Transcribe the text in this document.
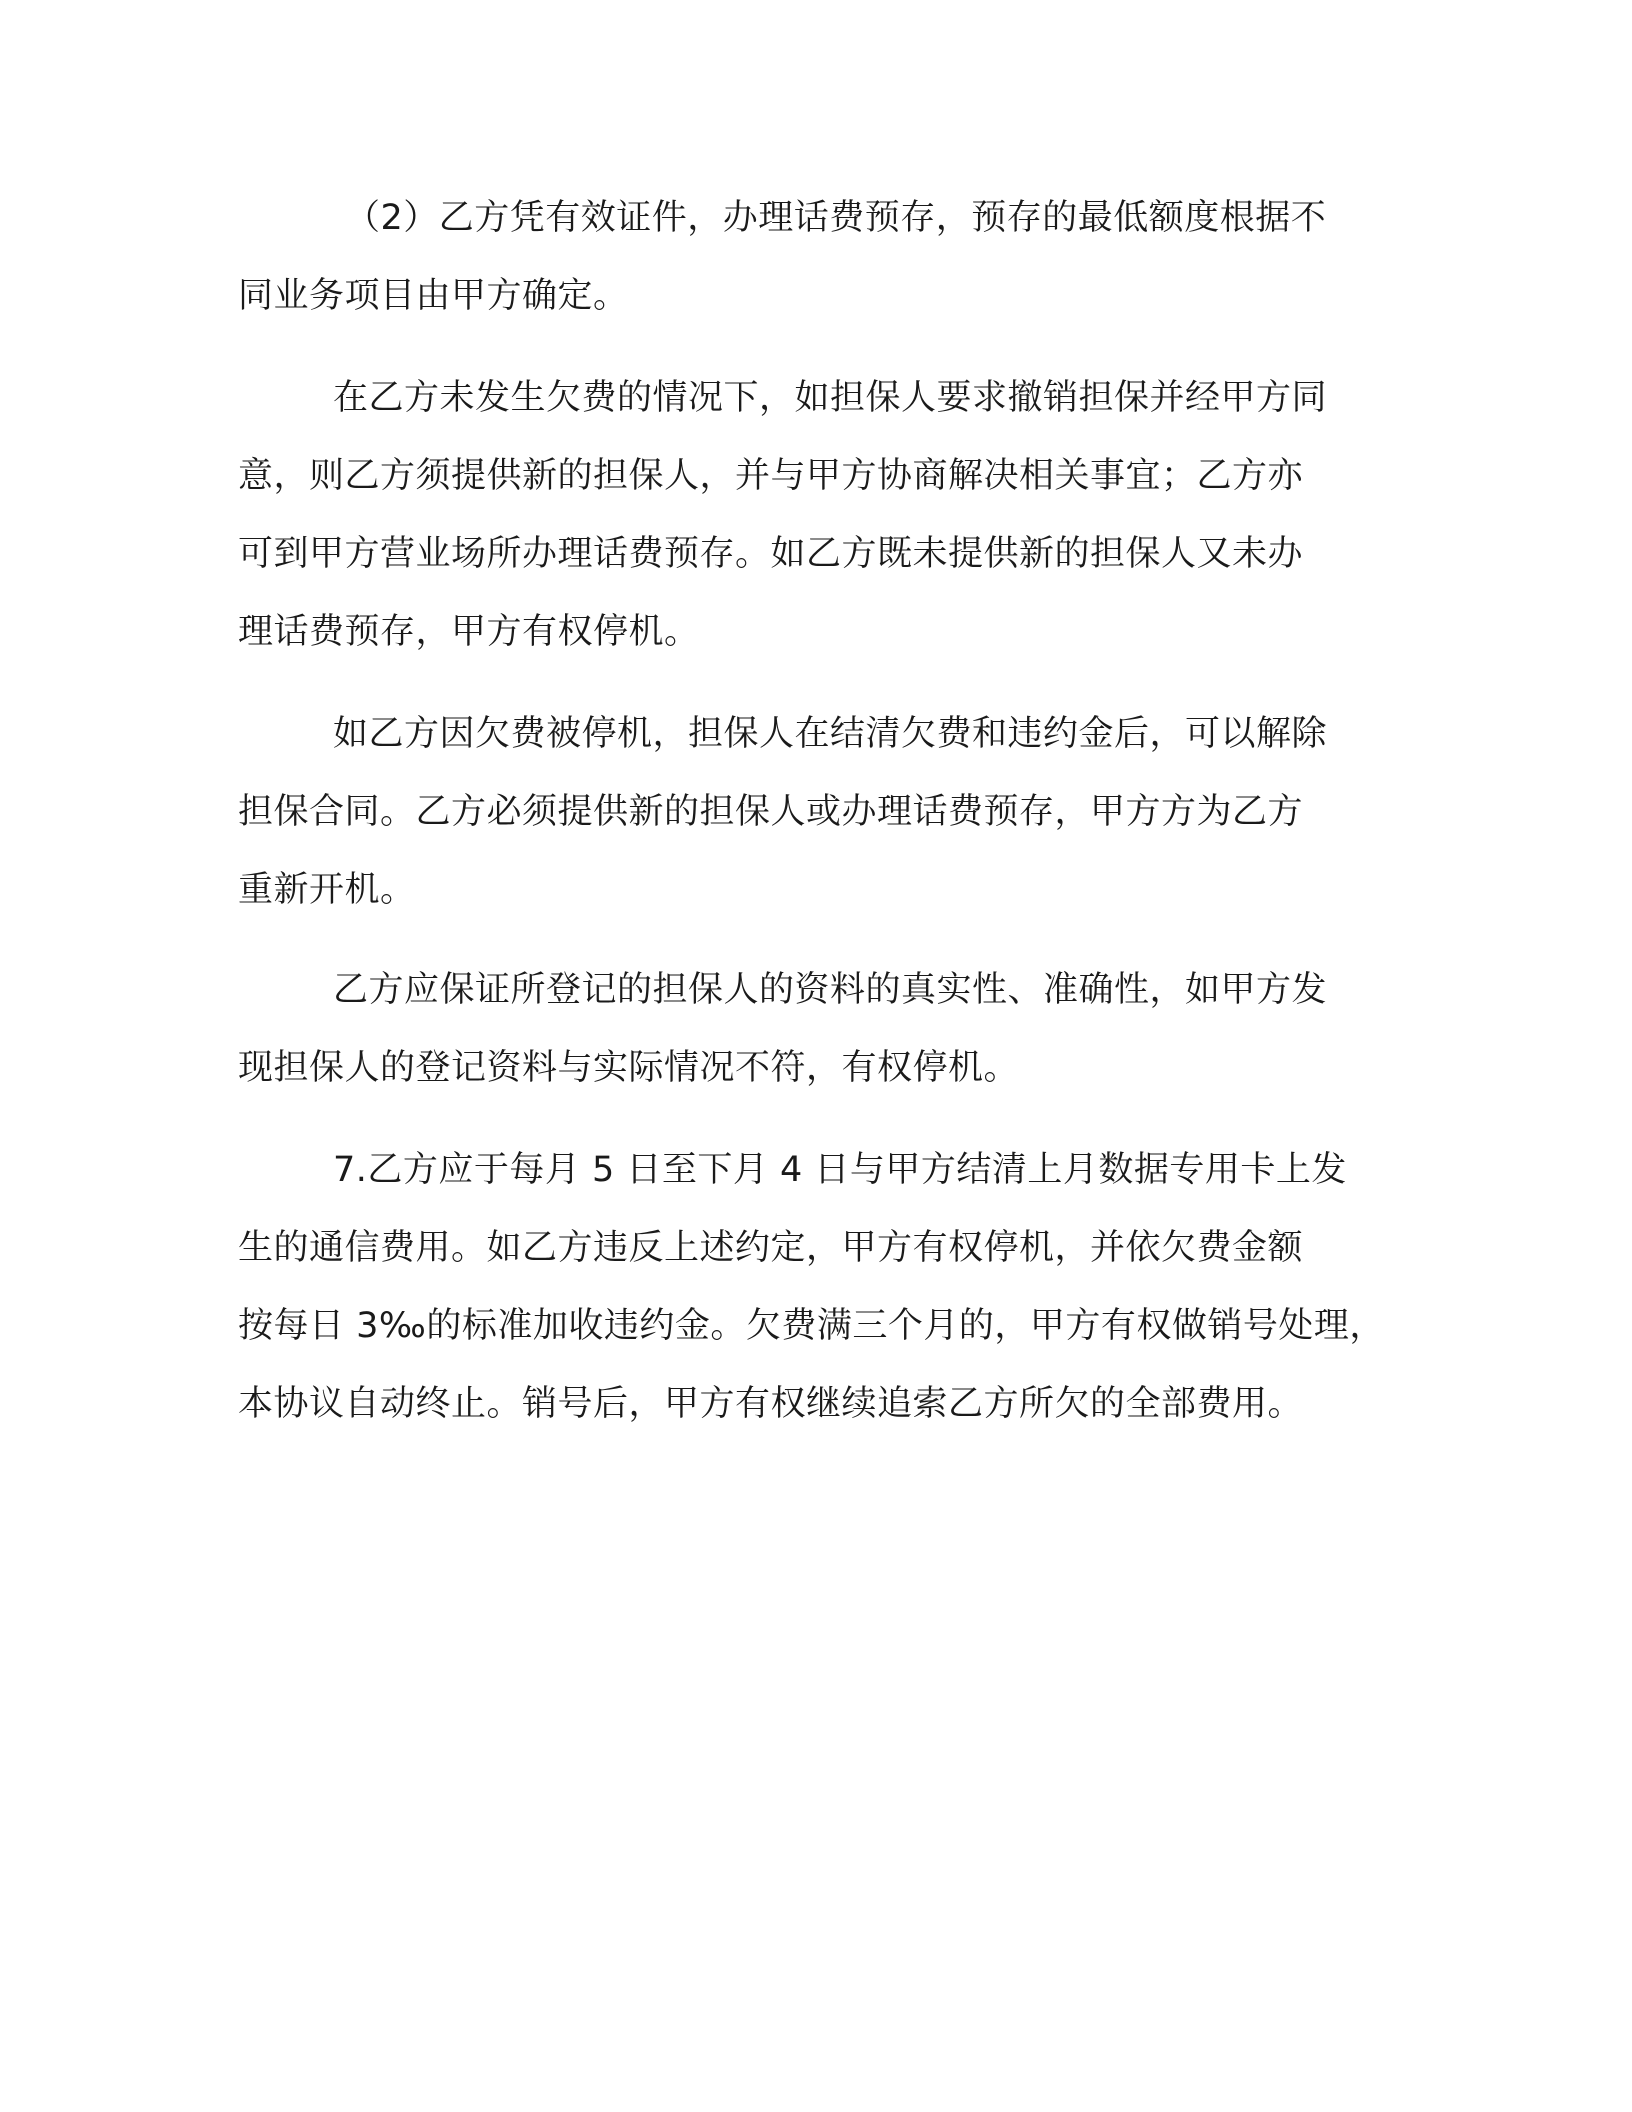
（2）乙方凭有效证件，办理话费预存，预存的最低额度根据不

同业务项目由甲方确定。

在乙方未发生欠费的情况下，如担保人要求撤销担保并经甲方同

意，则乙方须提供新的担保人，并与甲方协商解决相关事宜；乙方亦

可到甲方营业场所办理话费预存。如乙方既未提供新的担保人又未办

理话费预存，甲方有权停机。

如乙方因欠费被停机，担保人在结清欠费和违约金后，可以解除

担保合同。乙方必须提供新的担保人或办理话费预存，甲方方为乙方

重新开机。

乙方应保证所登记的担保人的资料的真实性、准确性，如甲方发

现担保人的登记资料与实际情况不符，有权停机。

7.乙方应于每月 5 日至下月 4 日与甲方结清上月数据专用卡上发

生的通信费用。如乙方违反上述约定，甲方有权停机，并依欠费金额

按每日 3‰的标准加收违约金。欠费满三个月的，甲方有权做销号处理，

本协议自动终止。销号后，甲方有权继续追索乙方所欠的全部费用。
